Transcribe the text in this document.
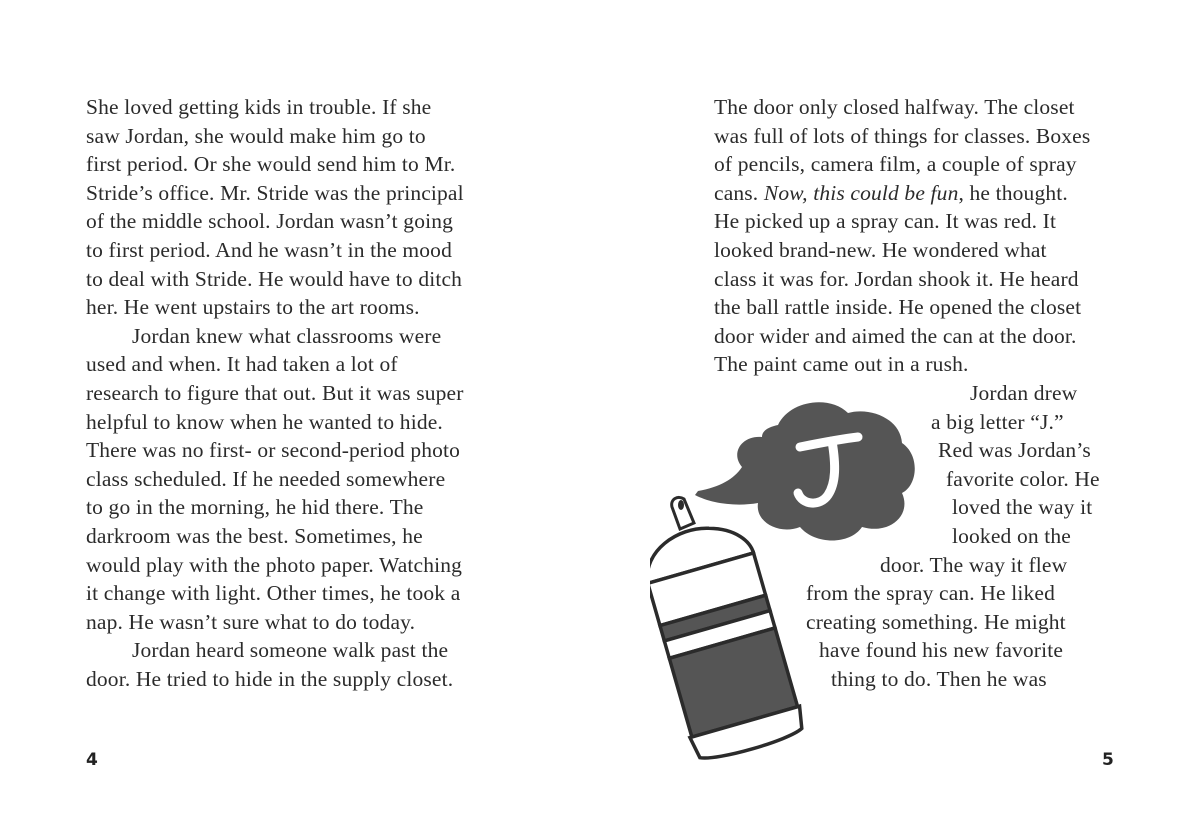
She loved getting kids in trouble. If she
saw Jordan, she would make him go to
first period. Or she would send him to Mr.
Stride’s office. Mr. Stride was the principal
of the middle school. Jordan wasn’t going
to first period. And he wasn’t in the mood
to deal with Stride. He would have to ditch
her. He went upstairs to the art rooms.
Jordan knew what classrooms were
used and when. It had taken a lot of
research to figure that out. But it was super
helpful to know when he wanted to hide.
There was no first- or second-period photo
class scheduled. If he needed somewhere
to go in the morning, he hid there. The
darkroom was the best. Sometimes, he
would play with the photo paper. Watching
it change with light. Other times, he took a
nap. He wasn’t sure what to do today.
Jordan heard someone walk past the
door. He tried to hide in the supply closet.
4
The door only closed halfway. The closet
was full of lots of things for classes. Boxes
of pencils, camera film, a couple of spray
cans. Now, this could be fun, he thought.
He picked up a spray can. It was red. It
looked brand-new. He wondered what
class it was for. Jordan shook it. He heard
the ball rattle inside. He opened the closet
door wider and aimed the can at the door.
The paint came out in a rush.
Jordan drew
a big letter “J.”
Red was Jordan’s
favorite color. He
loved the way it
looked on the
door. The way it flew
from the spray can. He liked
creating something. He might
have found his new favorite
thing to do. Then he was
5
